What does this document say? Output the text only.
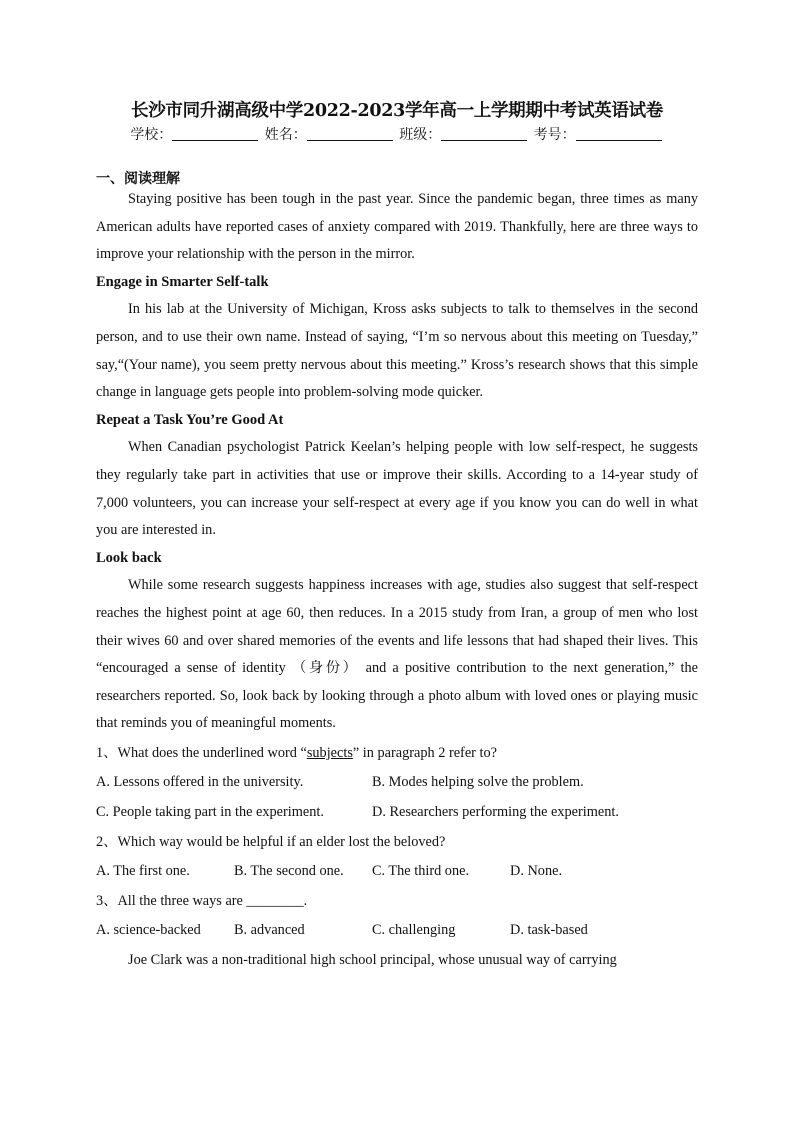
长沙市同升湖高级中学2022-2023学年高一上学期期中考试英语试卷
学校：	姓名：	班级：	考号：
一、阅读理解

Staying positive has been tough in the past year. Since the pandemic began, three times as many American adults have reported cases of anxiety compared with 2019. Thankfully, here are three ways to improve your relationship with the person in the mirror.

Engage in Smarter Self-talk

In his lab at the University of Michigan, Kross asks subjects to talk to themselves in the second person, and to use their own name. Instead of saying, “I’m so nervous about this meeting on Tuesday,” say,“(Your name), you seem pretty nervous about this meeting.” Kross’s research shows that this simple change in language gets people into problem-solving mode quicker.

Repeat a Task You’re Good At

When Canadian psychologist Patrick Keelan’s helping people with low self-respect, he suggests they regularly take part in activities that use or improve their skills. According to a 14-year study of 7,000 volunteers, you can increase your self-respect at every age if you know you can do well in what you are interested in.

Look back

While some research suggests happiness increases with age, studies also suggest that self-respect reaches the highest point at age 60, then reduces. In a 2015 study from Iran, a group of men who lost their wives 60 and over shared memories of the events and life lessons that had shaped their lives. This “encouraged a sense of identity （身份） and a positive contribution to the next generation,” the researchers reported. So, look back by looking through a photo album with loved ones or playing music that reminds you of meaningful moments.

1、What does the underlined word “subjects” in paragraph 2 refer to?

A. Lessons offered in the university.	B. Modes helping solve the problem.
C. People taking part in the experiment.	D. Researchers performing the experiment.

2、Which way would be helpful if an elder lost the beloved?

A. The first one.	B. The second one.	C. The third one.	D. None.

3、All the three ways are ________.

A. science-backed	B. advanced	C. challenging	D. task-based

Joe Clark was a non-traditional high school principal, whose unusual way of carrying
